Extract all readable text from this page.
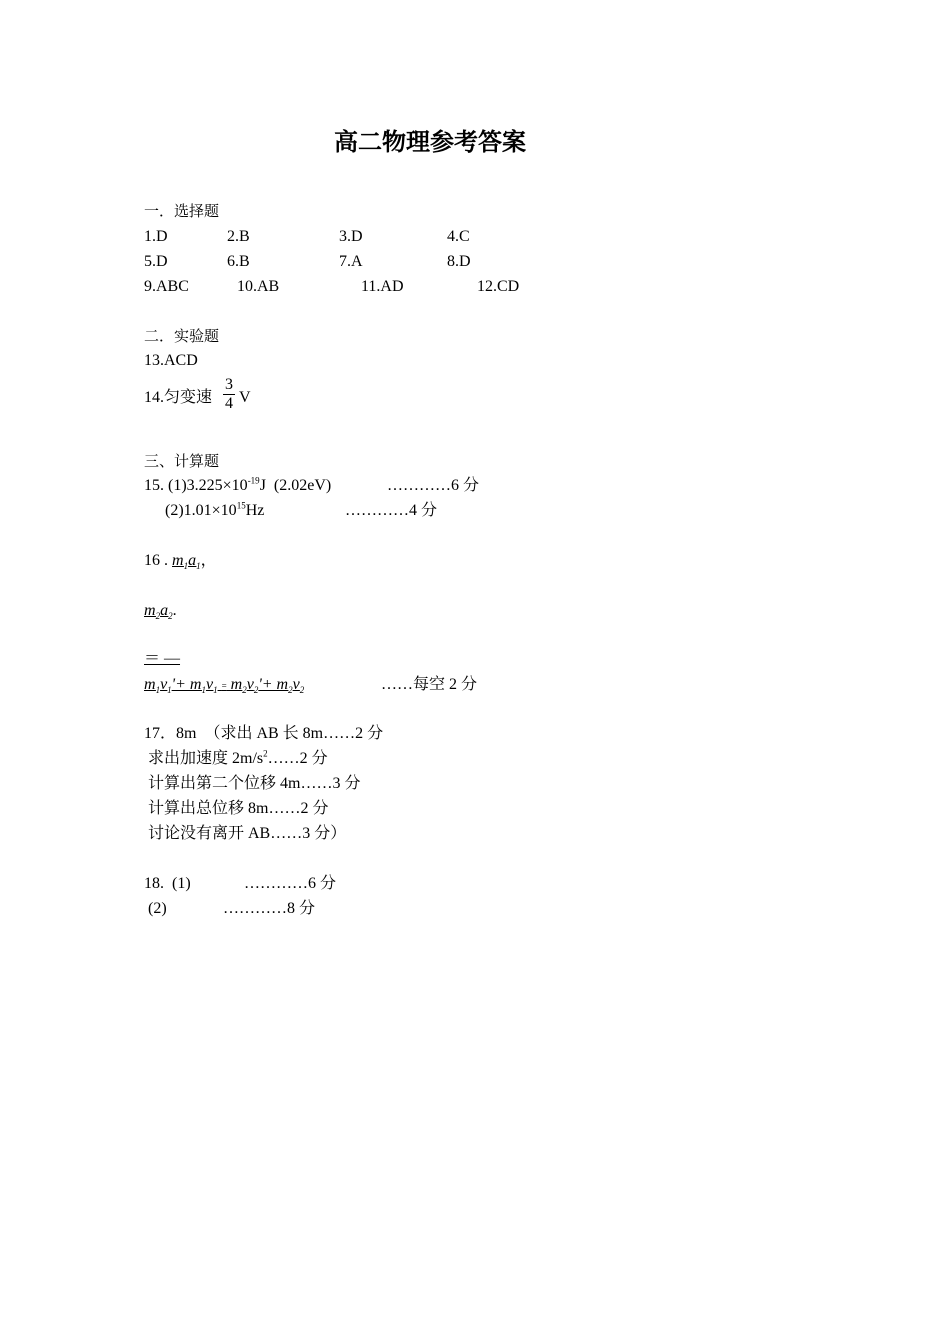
高二物理参考答案
一．选择题
1.D	2.B	3.D	4.C
5.D	6.B	7.A	8.D
9.ABC	10.AB	11.AD	12.CD
二．实验题
13.ACD
14.匀变速
3
4 V
三、计算题
15. $(1)3.225\times 10^{-19}J$  (2.02eV)	…………6 分
$(2)1.01\times 10^{15}Hz$	…………4 分
16 . $m_1a_1$，
$m_2a_2$.
＝ ―
$m_1v_1'+ m_1v_1 = m_2v_2'+ m_2v_2$	……每空 2 分
17．8m　（求出 AB 长 8m……2 分
求出加速度 $2m/s^2\dots\dots 2$ 分
计算出第二个位移 4m……3 分
计算出总位移 8m……2 分
讨论没有离开 AB……3 分）
18.  (1)	…………6 分
(2)	…………8 分
